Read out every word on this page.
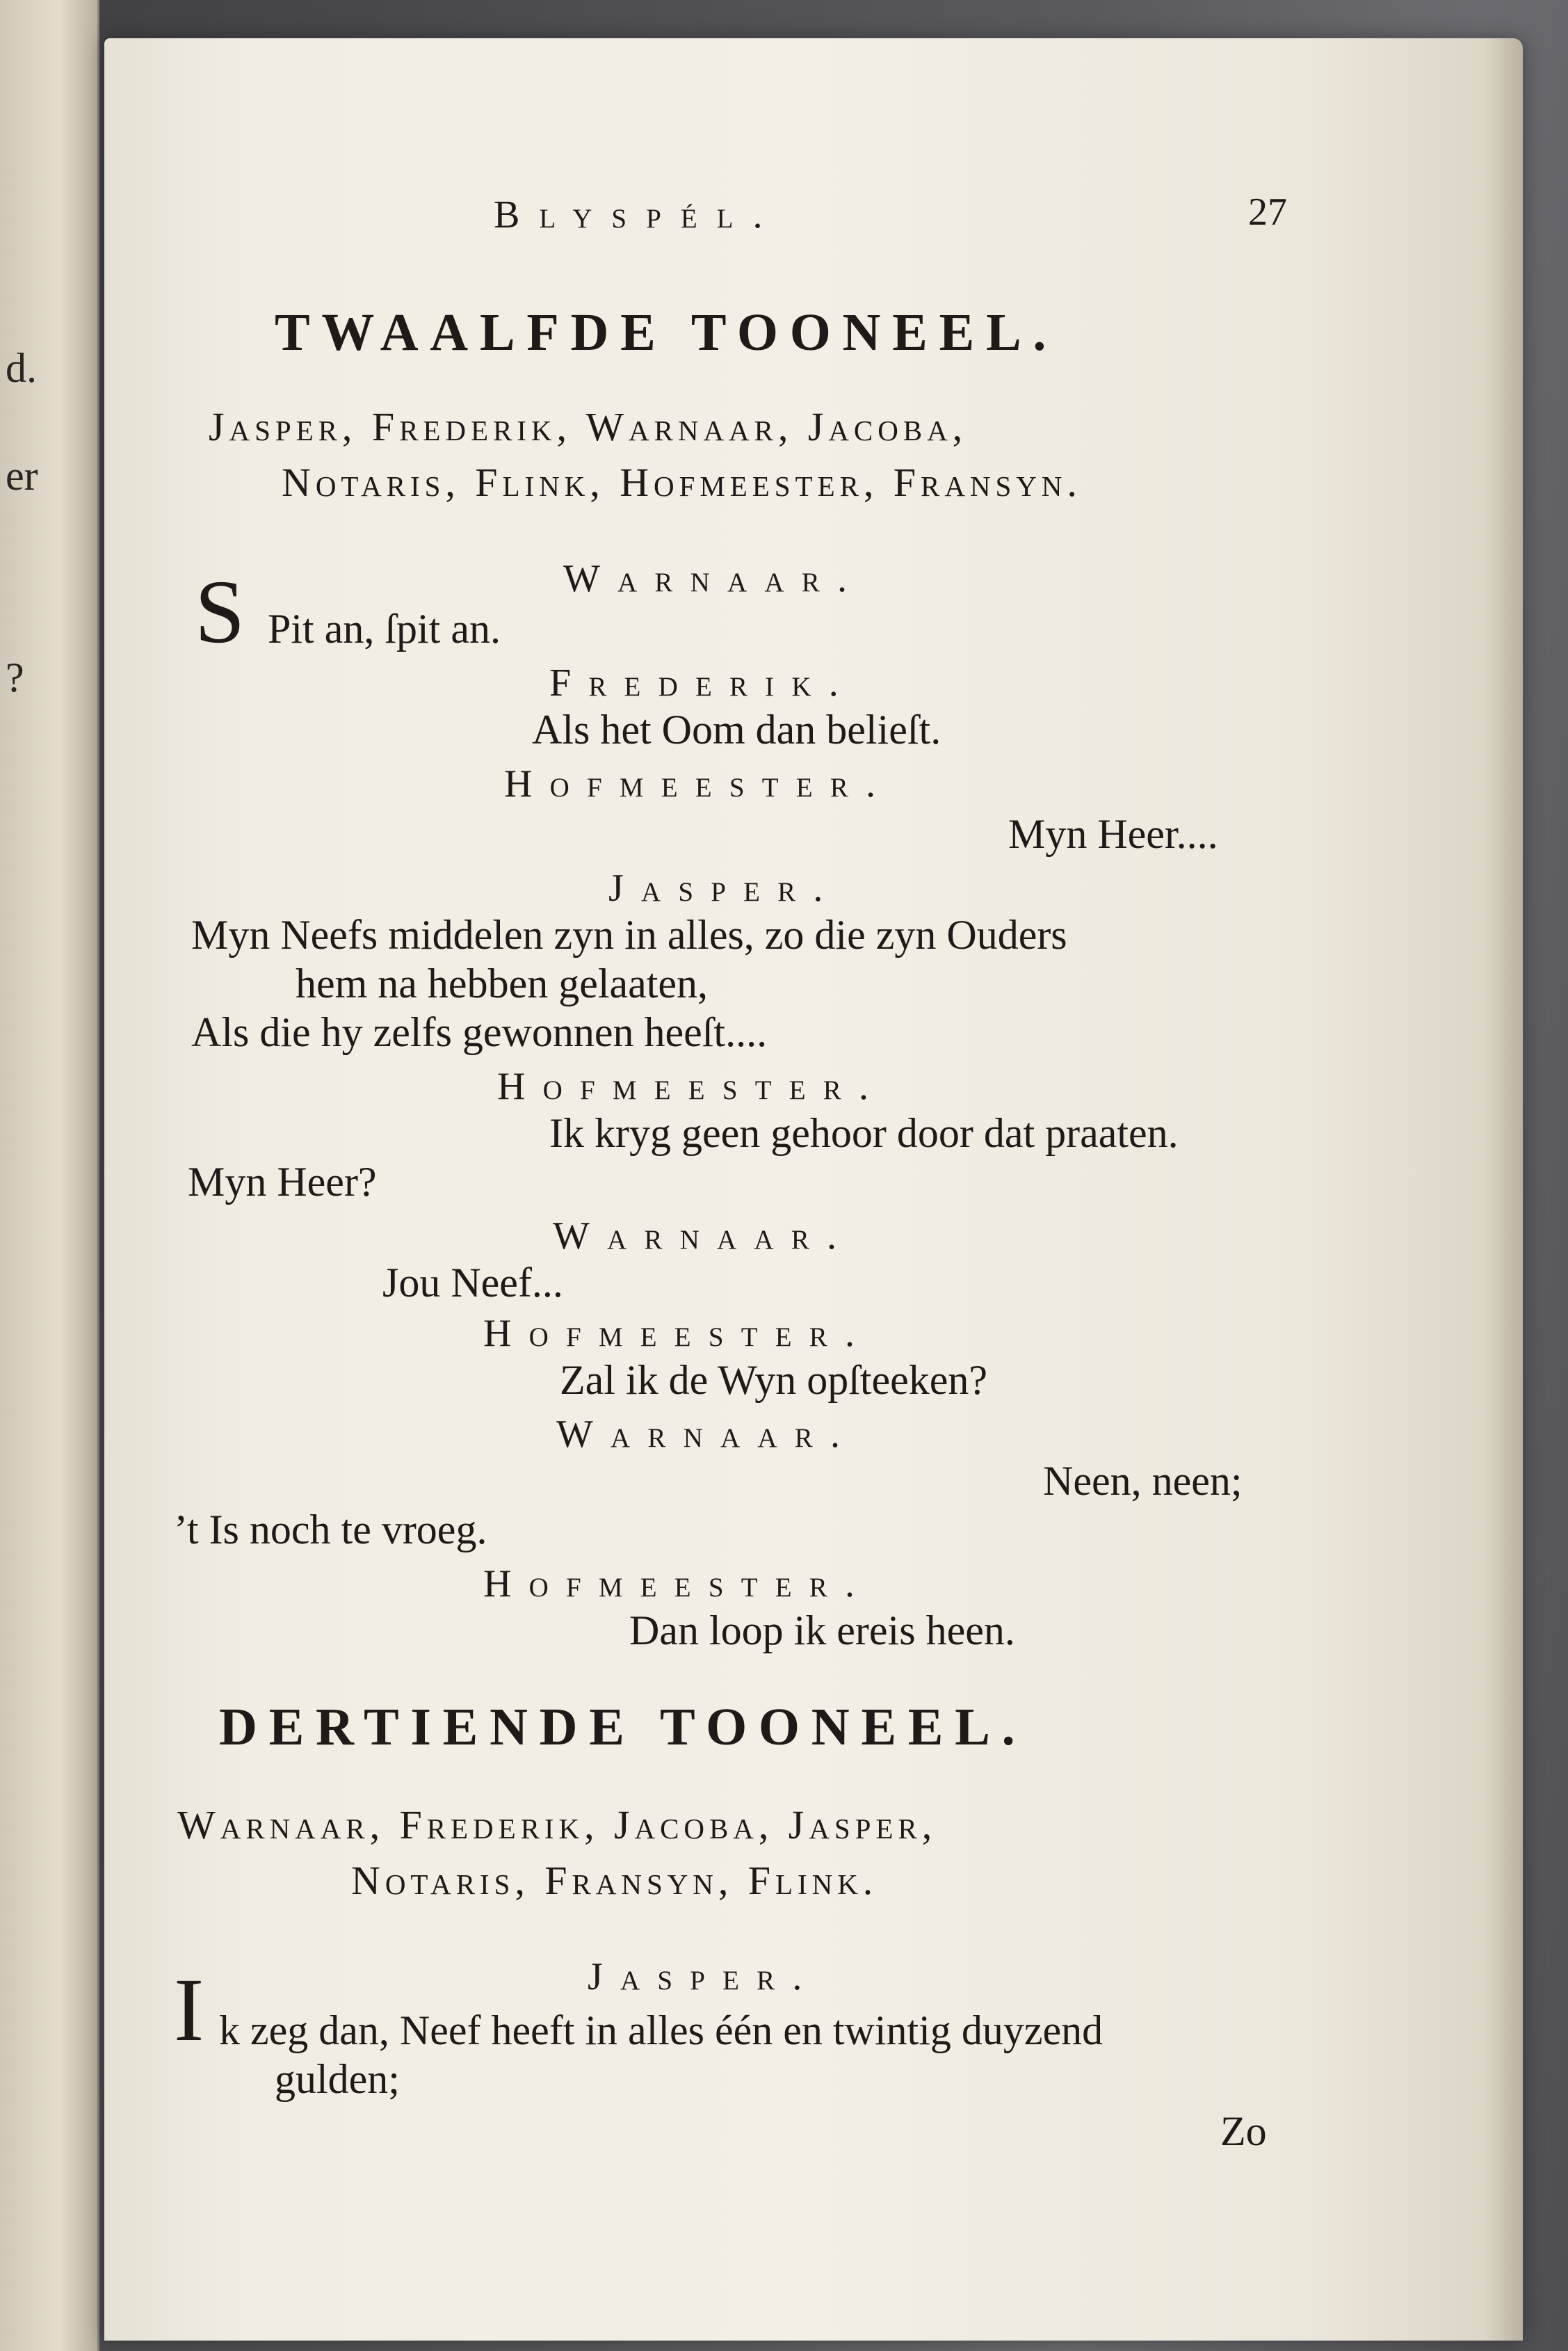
d.
er
?
Blyspél.	27
TWAALFDE TOONEEL.
Jasper, Frederik, Warnaar, Jacoba,
Notaris, Flink, Hofmeester, Fransyn.
Warnaar.
S Pit an, ſpit an.
Frederik.
Als het Oom dan belieſt.
Hofmeester.
Myn Heer....
Jasper.
Myn Neefs middelen zyn in alles, zo die zyn Ouders
hem na hebben gelaaten,
Als die hy zelfs gewonnen heeſt....
Hofmeester.
Ik kryg geen gehoor door dat praaten.
Myn Heer?
Warnaar.
Jou Neef...
Hofmeester.
Zal ik de Wyn opſteeken?
Warnaar.
Neen, neen;
’t Is noch te vroeg.
Hofmeester.
Dan loop ik ereis heen.
DERTIENDE TOONEEL.
Warnaar, Frederik, Jacoba, Jasper,
Notaris, Fransyn, Flink.
Jasper.
I k zeg dan, Neef heeft in alles één en twintig duyzend
gulden;
Zo
